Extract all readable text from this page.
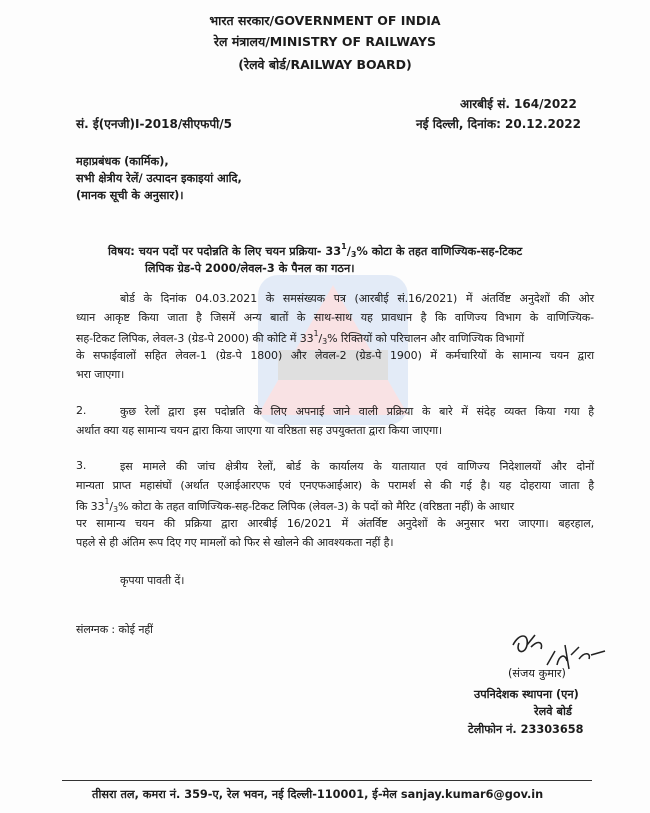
भारत सरकार/GOVERNMENT OF INDIA
रेल मंत्रालय/MINISTRY OF RAILWAYS
(रेलवे बोर्ड/RAILWAY BOARD)
आरबीई सं. 164/2022
सं. ई(एनजी)I-2018/सीएफपी/5	नई दिल्ली, दिनांक: 20.12.2022
महाप्रबंधक (कार्मिक),
सभी क्षेत्रीय रेलें/ उत्पादन इकाइयां आदि,
(मानक सूची के अनुसार)।
विषय: चयन पदों पर पदोन्नति के लिए चयन प्रक्रिया- $33^1/_3\%$ कोटा के तहत वाणिज्यिक-सह-टिकट
लिपिक ग्रेड-पे 2000/लेवल-3 के पैनल का गठन।
बोर्ड के दिनांक 04.03.2021 के समसंख्यक पत्र (आरबीई सं.16/2021) में अंतर्विष्ट अनुदेशों की ओर
ध्यान आकृष्ट किया जाता है जिसमें अन्य बातों के साथ-साथ यह प्रावधान है कि वाणिज्य विभाग के वाणिज्यिक-
सह-टिकट लिपिक, लेवल-3 (ग्रेड-पे 2000) की कोटि में $33^1/_3\%$ रिक्तियों को परिचालन और वाणिज्यिक विभागों
के सफाईवालों सहित लेवल-1 (ग्रेड-पे 1800) और लेवल-2 (ग्रेड-पे 1900) में कर्मचारियों के सामान्य चयन द्वारा
भरा जाएगा।
2.	कुछ रेलों द्वारा इस पदोन्नति के लिए अपनाई जाने वाली प्रक्रिया के बारे में संदेह व्यक्त किया गया है
अर्थात क्या यह सामान्य चयन द्वारा किया जाएगा या वरिष्ठता सह उपयुक्तता द्वारा किया जाएगा।
3.	इस मामले की जांच क्षेत्रीय रेलों, बोर्ड के कार्यालय के यातायात एवं वाणिज्य निदेशालयों और दोनों
मान्यता प्राप्त महासंघों (अर्थात एआईआरएफ एवं एनएफआईआर) के परामर्श से की गई है। यह दोहराया जाता है
कि $33^1/_3\%$ कोटा के तहत वाणिज्यिक-सह-टिकट लिपिक (लेवल-3) के पदों को मैरिट (वरिष्ठता नहीं) के आधार
पर सामान्य चयन की प्रक्रिया द्वारा आरबीई 16/2021 में अंतर्विष्ट अनुदेशों के अनुसार भरा जाएगा। बहरहाल,
पहले से ही अंतिम रूप दिए गए मामलों को फिर से खोलने की आवश्यकता नहीं है।
कृपया पावती दें।
संलग्नक : कोई नहीं
(संजय कुमार)
उपनिदेशक स्थापना (एन)
रेलवे बोर्ड
टेलीफोन नं. 23303658
तीसरा तल, कमरा नं. 359-ए, रेल भवन, नई दिल्ली-110001, ई-मेल sanjay.kumar6@gov.in
